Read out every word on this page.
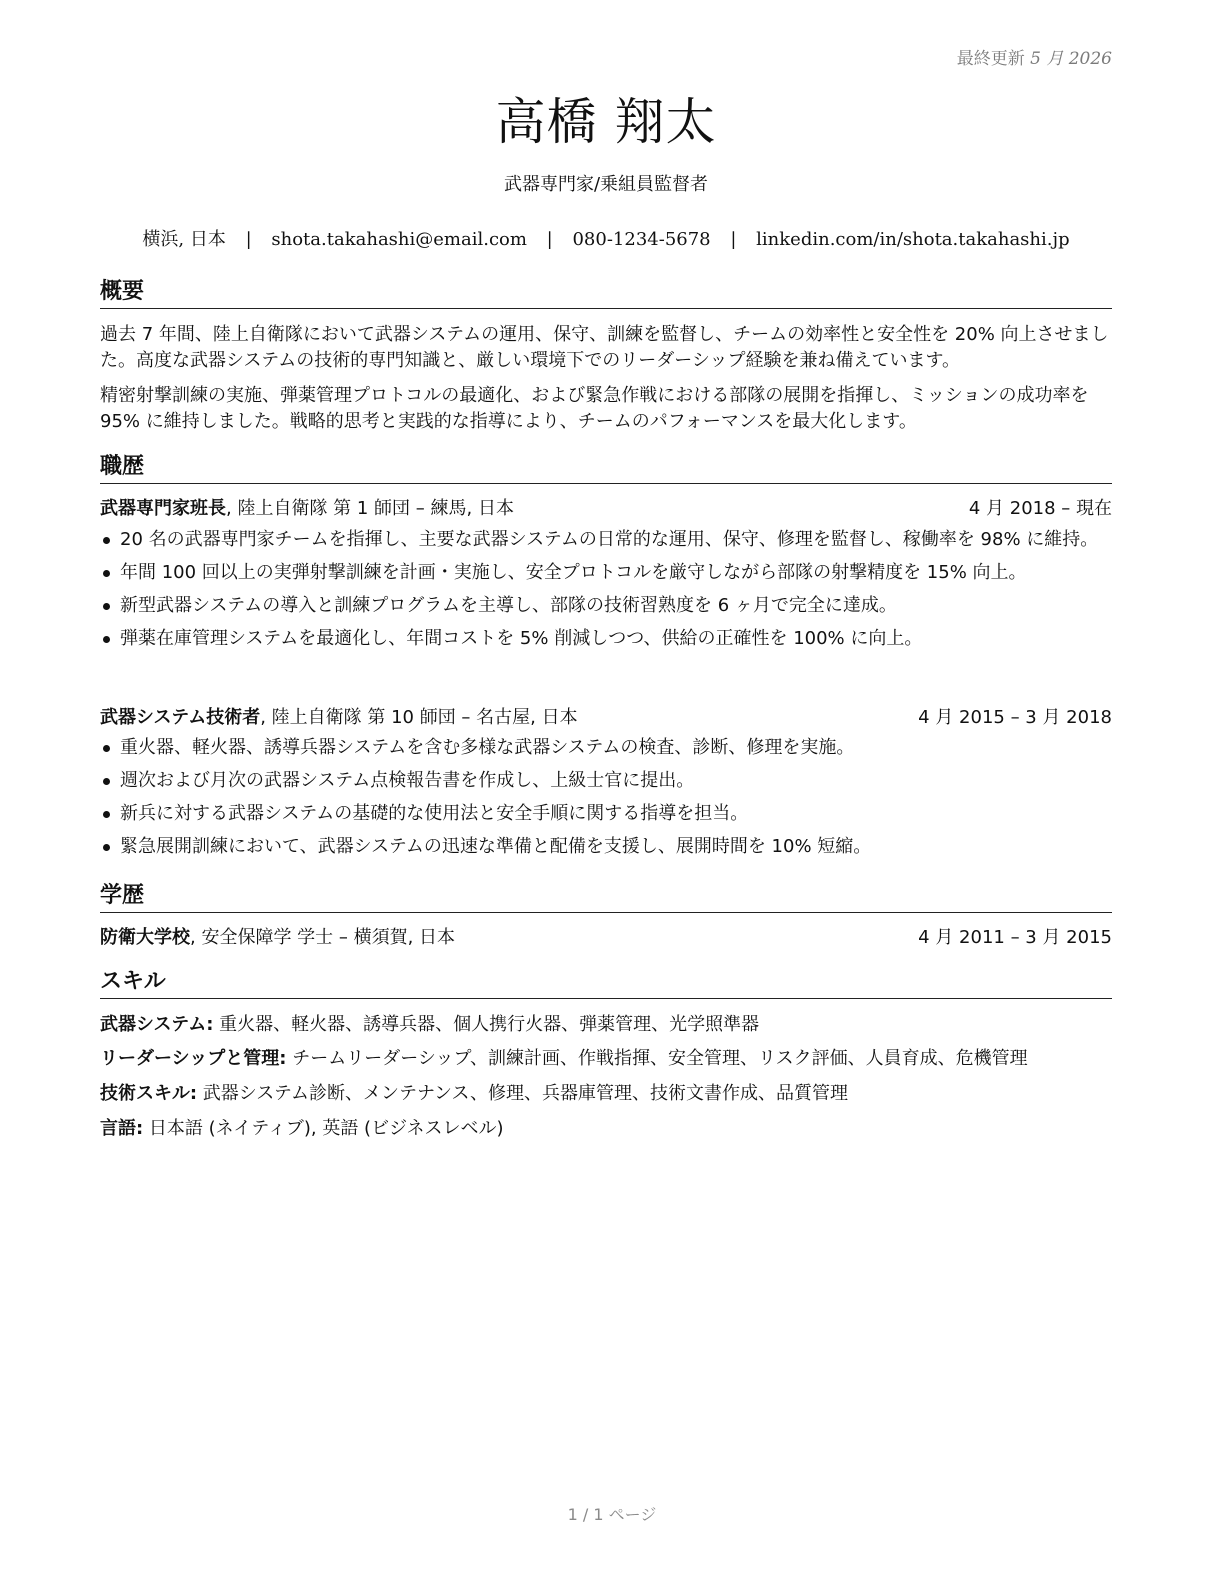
最終更新 5 月 2026
高橋 翔太
武器専門家/乗組員監督者
横浜, 日本 | shota.takahashi@email.com | 080-1234-5678 | linkedin.com/in/shota.takahashi.jp
概要
過去 7 年間、陸上自衛隊において武器システムの運用、保守、訓練を監督し、チームの効率性と安全性を 20% 向上させました。高度な武器システムの技術的専門知識と、厳しい環境下でのリーダーシップ経験を兼ね備えています。
精密射撃訓練の実施、弾薬管理プロトコルの最適化、および緊急作戦における部隊の展開を指揮し、ミッションの成功率を 95% に維持しました。戦略的思考と実践的な指導により、チームのパフォーマンスを最大化します。
職歴
武器専門家班長, 陸上自衛隊 第 1 師団 – 練馬, 日本	4 月 2018 – 現在
20 名の武器専門家チームを指揮し、主要な武器システムの日常的な運用、保守、修理を監督し、稼働率を 98% に維持。
年間 100 回以上の実弾射撃訓練を計画・実施し、安全プロトコルを厳守しながら部隊の射撃精度を 15% 向上。
新型武器システムの導入と訓練プログラムを主導し、部隊の技術習熟度を 6 ヶ月で完全に達成。
弾薬在庫管理システムを最適化し、年間コストを 5% 削減しつつ、供給の正確性を 100% に向上。
武器システム技術者, 陸上自衛隊 第 10 師団 – 名古屋, 日本	4 月 2015 – 3 月 2018
重火器、軽火器、誘導兵器システムを含む多様な武器システムの検査、診断、修理を実施。
週次および月次の武器システム点検報告書を作成し、上級士官に提出。
新兵に対する武器システムの基礎的な使用法と安全手順に関する指導を担当。
緊急展開訓練において、武器システムの迅速な準備と配備を支援し、展開時間を 10% 短縮。
学歴
防衛大学校, 安全保障学 学士 – 横須賀, 日本	4 月 2011 – 3 月 2015
スキル
武器システム: 重火器、軽火器、誘導兵器、個人携行火器、弾薬管理、光学照準器
リーダーシップと管理: チームリーダーシップ、訓練計画、作戦指揮、安全管理、リスク評価、人員育成、危機管理
技術スキル: 武器システム診断、メンテナンス、修理、兵器庫管理、技術文書作成、品質管理
言語: 日本語 (ネイティブ), 英語 (ビジネスレベル)
1 / 1 ページ
